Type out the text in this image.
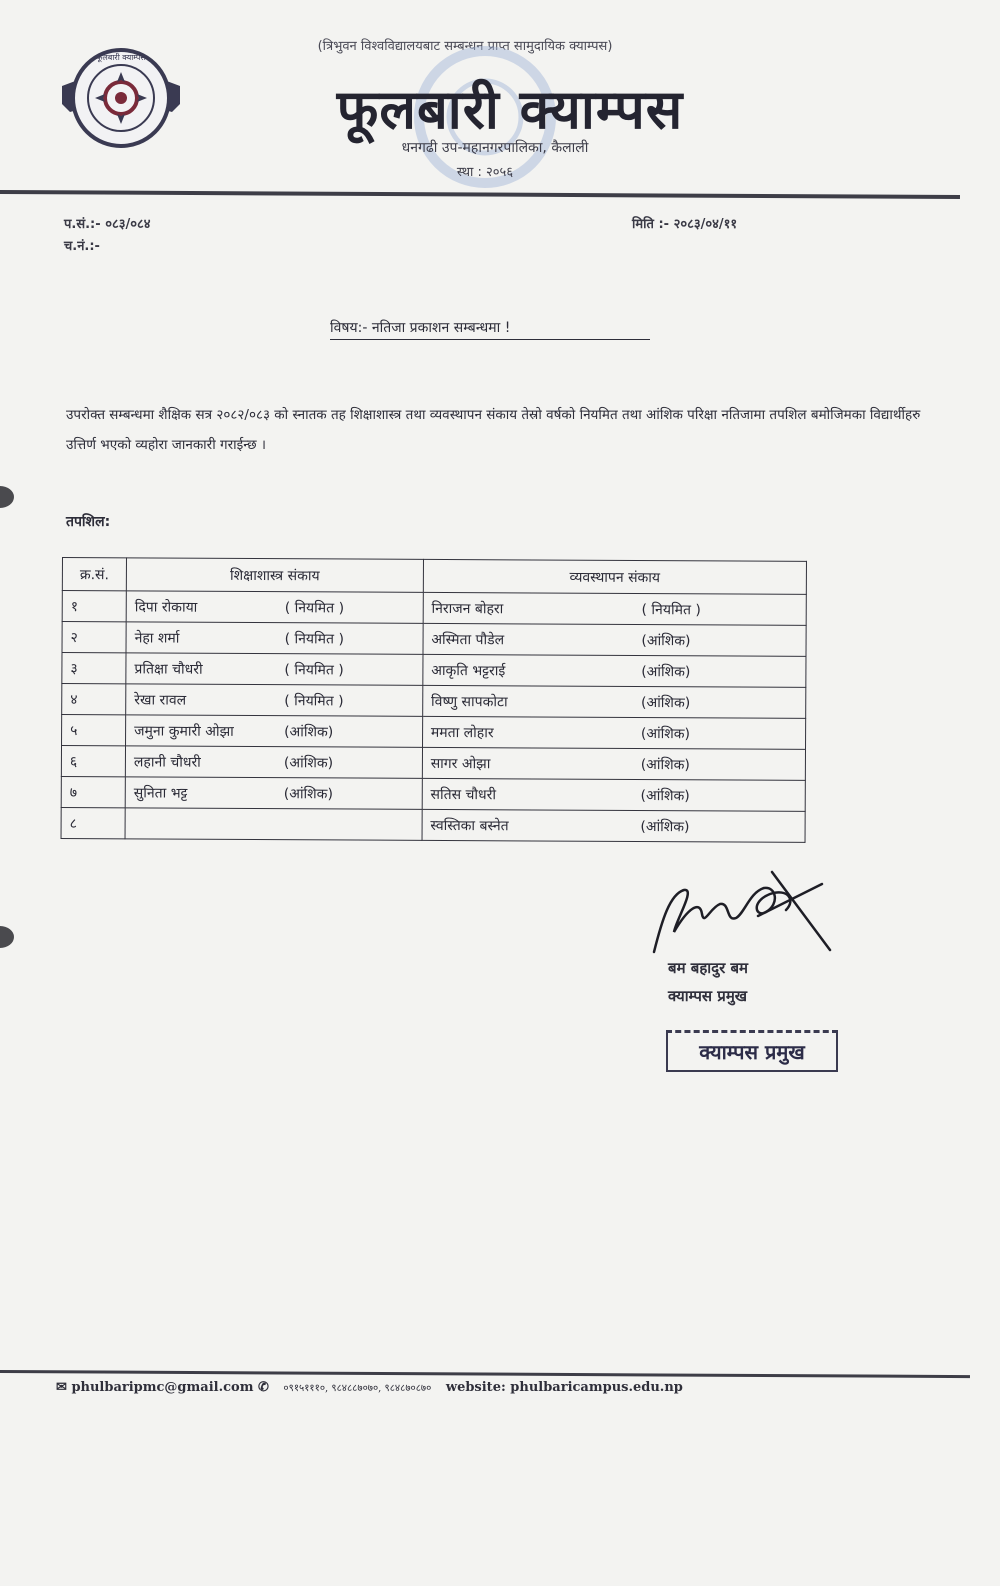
(त्रिभुवन विश्वविद्यालयबाट सम्बन्धन प्राप्त सामुदायिक क्याम्पस)
फूलबारी क्याम्पस
फूलबारी क्याम्पस
धनगढी उप-महानगरपालिका, कैलाली
स्था : २०५६
प.सं.:- ०८३/०८४
च.नं.:-
मिति :- २०८३/०४/११
विषय:- नतिजा प्रकाशन सम्बन्धमा !
उपरोक्त सम्बन्धमा शैक्षिक सत्र २०८२/०८३ को स्नातक तह शिक्षाशास्त्र तथा व्यवस्थापन संकाय तेस्रो वर्षको नियमित तथा आंशिक परिक्षा नतिजामा तपशिल बमोजिमका विद्यार्थीहरु उत्तिर्ण भएको व्यहोरा जानकारी गराईन्छ ।
तपशिल:
क्र.सं.	शिक्षाशास्त्र संकाय	व्यवस्थापन संकाय
१	दिपा रोकाया ( नियमित )	निराजन बोहरा ( नियमित )
२	नेहा शर्मा ( नियमित )	अस्मिता पौडेल (आंशिक)
३	प्रतिक्षा चौधरी ( नियमित )	आकृति भट्टराई (आंशिक)
४	रेखा रावल ( नियमित )	विष्णु सापकोटा (आंशिक)
५	जमुना कुमारी ओझा (आंशिक)	ममता लोहार (आंशिक)
६	लहानी चौधरी (आंशिक)	सागर ओझा (आंशिक)
७	सुनिता भट्ट (आंशिक)	सतिस चौधरी (आंशिक)
८		स्वस्तिका बस्नेत (आंशिक)
बम बहादुर बम
क्याम्पस प्रमुख
क्याम्पस प्रमुख
✉ phulbaripmc@gmail.com ✆ ०९१५१११०, ९८४८८७०७०, ९८४८७०८७० website: phulbaricampus.edu.np
